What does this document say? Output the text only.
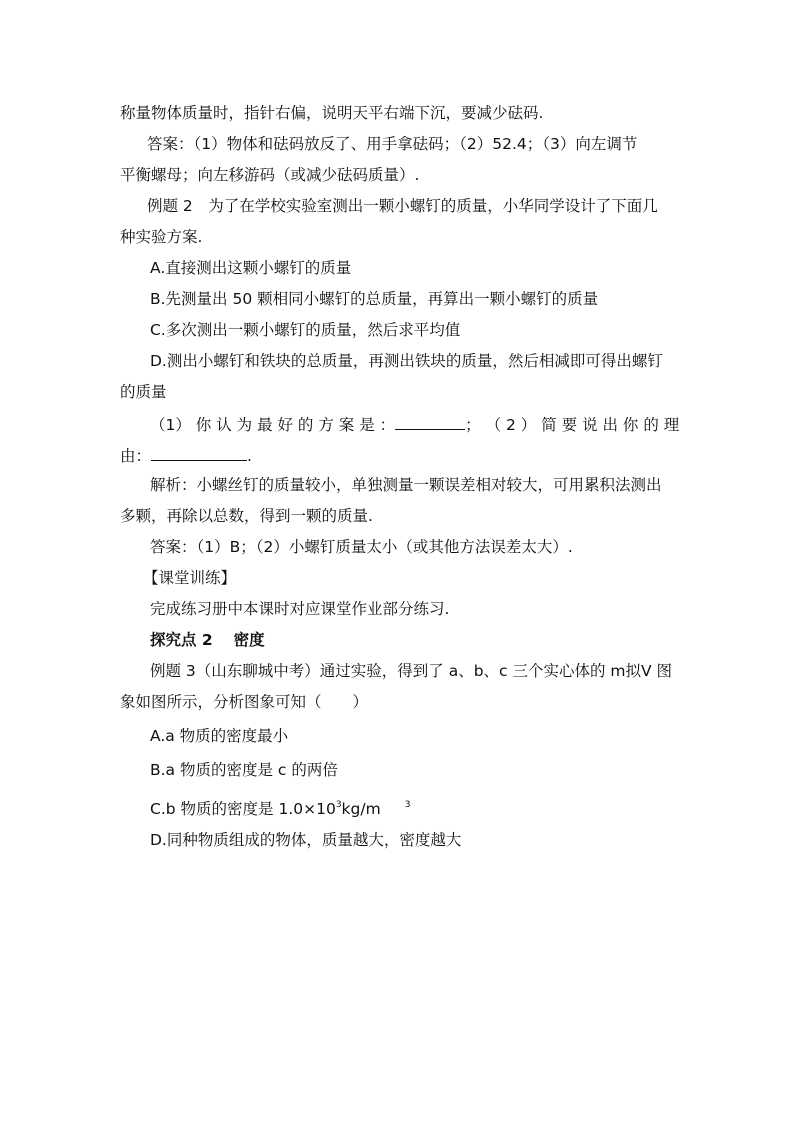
称量物体质量时，指针右偏，说明天平右端下沉，要减少砝码.
答案：（1）物体和砝码放反了、用手拿砝码；（2）52.4；（3）向左调节
平衡螺母；向左移游码（或减少砝码质量）.
例题 2　为了在学校实验室测出一颗小螺钉的质量，小华同学设计了下面几
种实验方案.
A.直接测出这颗小螺钉的质量
B.先测量出 50 颗相同小螺钉的总质量，再算出一颗小螺钉的质量
C.多次测出一颗小螺钉的质量，然后求平均值
D.测出小螺钉和铁块的总质量，再测出铁块的质量，然后相减即可得出螺钉
的质量
（1） 你 认 为 最 好 的 方 案 是 ：	； （ 2 ） 简 要 说 出 你 的 理
由：	.
解析：小螺丝钉的质量较小，单独测量一颗误差相对较大，可用累积法测出
多颗，再除以总数，得到一颗的质量.
答案：（1）B；（2）小螺钉质量太小（或其他方法误差太大）.
【课堂训练】
完成练习册中本课时对应课堂作业部分练习.
探究点 2　 密度
例题 3（山东聊城中考）通过实验，得到了 a、b、c 三个实心体的 m拟V 图
象如图所示，分析图象可知（　　）
A.a 物质的密度最小
B.a 物质的密度是 c 的两倍
C.b 物质的密度是 $1.0\times 10^3kg/m$	$^3$
D.同种物质组成的物体，质量越大，密度越大
